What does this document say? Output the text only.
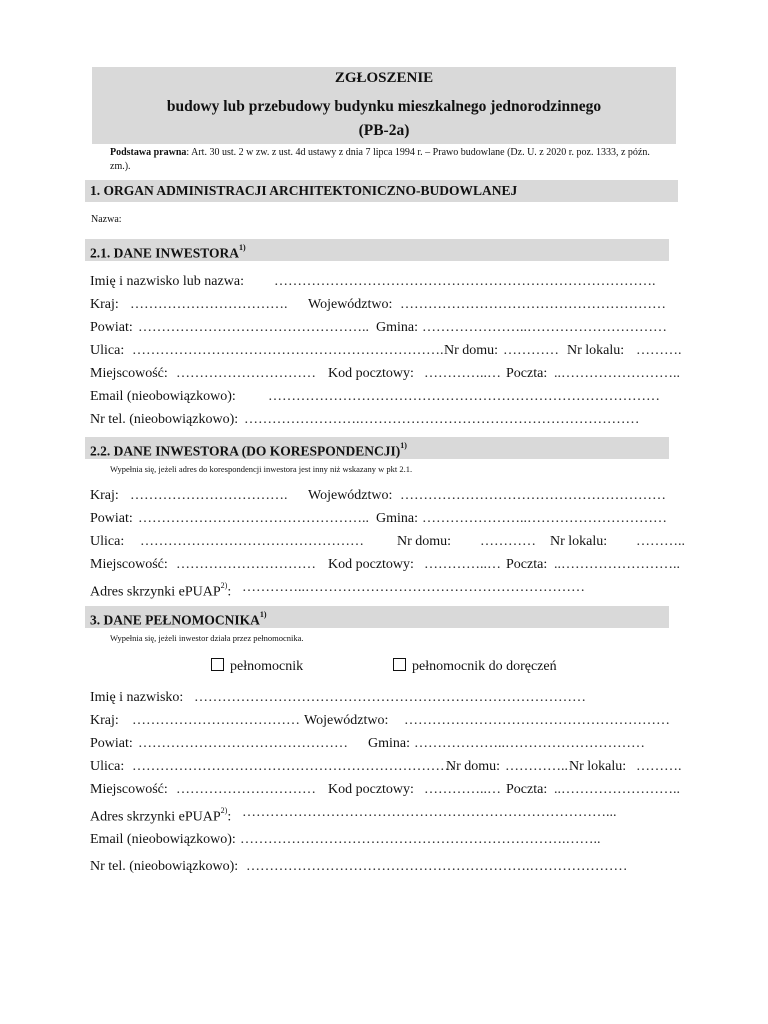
ZGŁOSZENIE
budowy lub przebudowy budynku mieszkalnego jednorodzinnego
(PB-2a)
Podstawa prawna: Art. 30 ust. 2 w zw. z ust. 4d ustawy z dnia 7 lipca 1994 r. – Prawo budowlane (Dz. U. z 2020 r. poz. 1333, z późn. zm.).
1. ORGAN ADMINISTRACJI ARCHITEKTONICZNO-BUDOWLANEJ
Nazwa:
2.1. DANE INWESTORA$^{1)}$
Imię i nazwisko lub nazwa: ……………………………………………………………………….
Kraj: ……………………………. Województwo: …………………………………………………
Powiat: ………………………………………….. Gmina: …………………..…………………………
Ulica: …………………………………………………………. Nr domu: ………… Nr lokalu: ……….
Miejscowość: ………………………… Kod pocztowy: …………..… Poczta: ..……………………..
Email (nieobowiązkowo): …………………………………………………………………………
Nr tel. (nieobowiązkowo): …………………….……………………………………………………
2.2. DANE INWESTORA (DO KORESPONDENCJI)$^{1)}$
Wypełnia się, jeżeli adres do korespondencji inwestora jest inny niż wskazany w pkt 2.1.
Kraj: ……………………………. Województwo: …………………………………………………
Powiat: ………………………………………….. Gmina: …………………..…………………………
Ulica: ………………………………………… Nr domu: ………… Nr lokalu: ………..
Miejscowość: ………………………… Kod pocztowy: …………..… Poczta: ..……………………..
Adres skrzynki ePUAP$^{2)}$: …………..……………………………………………………
3. DANE PEŁNOMOCNIKA$^{1)}$
Wypełnia się, jeżeli inwestor działa przez pełnomocnika.
pełnomocnik	pełnomocnik do doręczeń
Imię i nazwisko: …………………………………………………………………………
Kraj: ……………………………… Województwo: …………………………………………………
Powiat: ……………………………………… Gmina: ………………..…………………………
Ulica: ……………………………………………………………
Nr domu: ………….. Nr lokalu: ……….
Miejscowość: ………………………… Kod pocztowy: …………..… Poczta: ..……………………..
Adres skrzynki ePUAP$^{2)}$: ……………………………………………………………………...
Email (nieobowiązkowo): …………………………………………………………….……..
Nr tel. (nieobowiązkowo): …………………………………………………….…………………
